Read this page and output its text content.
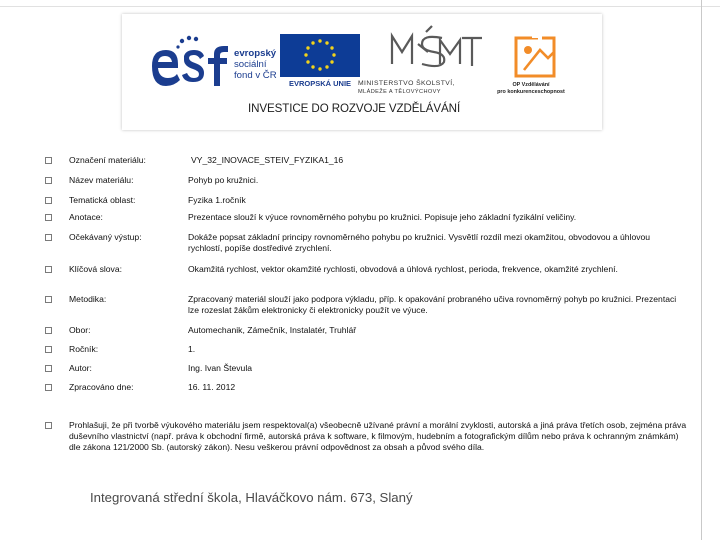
evropský
sociální
fond v ČR
EVROPSKÁ UNIE	MINISTERSTVO ŠKOLSTVÍ,
MLÁDEŽE A TĚLOVÝCHOVY
OP Vzdělávání
pro konkurenceschopnost
INVESTICE DO ROZVOJE VZDĚLÁVÁNÍ
Označení materiálu:	VY_32_INOVACE_STEIV_FYZIKA1_16
Název materiálu:	Pohyb po kružnici.
Tematická oblast:	Fyzika 1.ročník
Anotace:	Prezentace slouží k výuce rovnoměrného pohybu po kružnici. Popisuje jeho základní fyzikální veličiny.
Očekávaný výstup:	Dokáže popsat základní principy rovnoměrného pohybu po kružnici. Vysvětlí rozdíl mezi okamžitou, obvodovou a úhlovou rychlostí, popíše dostředivé zrychlení.
Klíčová slova:	Okamžitá rychlost, vektor okamžité rychlosti, obvodová a úhlová rychlost, perioda, frekvence, okamžité zrychlení.
Metodika:	Zpracovaný materiál slouží jako podpora výkladu, příp. k opakování probraného učiva rovnoměrný pohyb po kružnici. Prezentaci lze rozeslat žákům elektronicky či elektronicky použít ve výuce.
Obor:	Automechanik, Zámečník, Instalatér, Truhlář
Ročník:	1.
Autor:	Ing. Ivan Števula
Zpracováno dne:	16. 11. 2012
Prohlašuji, že při tvorbě výukového materiálu jsem respektoval(a) všeobecně užívané právní a morální zvyklosti, autorská a jiná práva třetích osob, zejména práva duševního vlastnictví (např. práva k obchodní firmě, autorská práva k software, k filmovým, hudebním a fotografickým dílům nebo práva k ochranným známkám) dle zákona 121/2000 Sb. (autorský zákon). Nesu veškerou právní odpovědnost za obsah a původ svého díla.
Integrovaná střední škola, Hlaváčkovo nám. 673, Slaný
